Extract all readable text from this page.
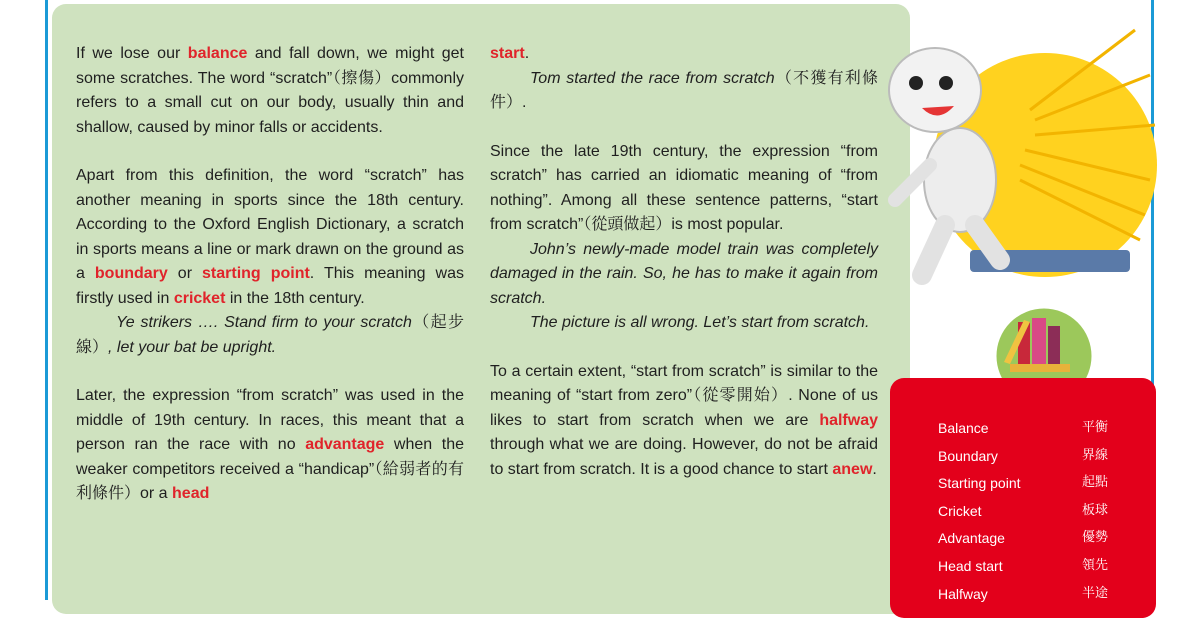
If we lose our balance and fall down, we might get some scratches. The word “scratch”（擦傷）commonly refers to a small cut on our body, usually thin and shallow, caused by minor falls or accidents.

Apart from this definition, the word “scratch” has another meaning in sports since the 18th century. According to the Oxford English Dictionary, a scratch in sports means a line or mark drawn on the ground as a boundary or starting point. This meaning was firstly used in cricket in the 18th century.

Ye strikers …. Stand firm to your scratch（起步線）, let your bat be upright.

Later, the expression “from scratch” was used in the middle of 19th century. In races, this meant that a person ran the race with no advantage when the weaker competitors received a “handicap”（給弱者的有利條件）or a head

start.

Tom started the race from scratch（不獲有利條件）.

Since the late 19th century, the expression “from scratch” has carried an idiomatic meaning of “from nothing”. Among all these sentence patterns, “start from scratch”（從頭做起）is most popular.

John’s newly-made model train was completely damaged in the rain. So, he has to make it again from scratch.

The picture is all wrong. Let’s start from scratch.

To a certain extent, “start from scratch” is similar to the meaning of “start from zero”（從零開始）. None of us likes to start from scratch when we are halfway through what we are doing. However, do not be afraid to start from scratch. It is a good chance to start anew.

Balance	平衡
Boundary	界線
Starting point	起點
Cricket	板球
Advantage	優勢
Head start	領先
Halfway	半途
